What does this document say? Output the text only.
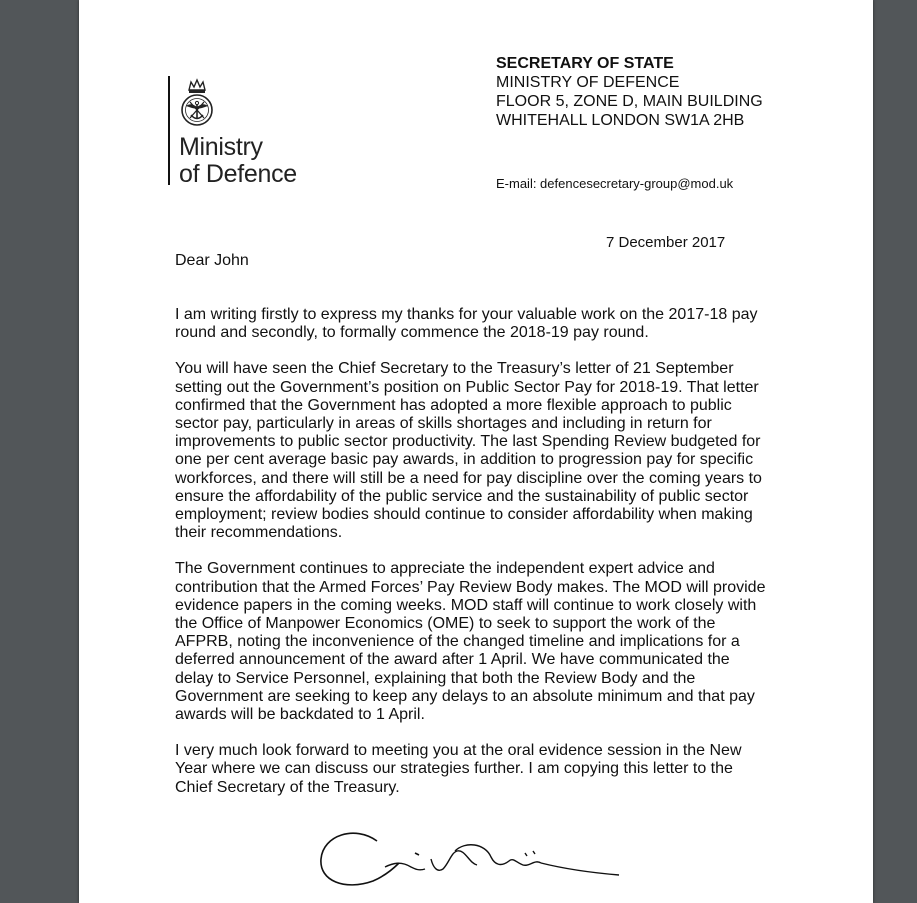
Ministry
of Defence
SECRETARY OF STATE
MINISTRY OF DEFENCE
FLOOR 5, ZONE D, MAIN BUILDING
WHITEHALL LONDON SW1A 2HB
E-mail: defencesecretary-group@mod.uk
7 December 2017
Dear John
I am writing firstly to express my thanks for your valuable work on the 2017-18 pay
round and secondly, to formally commence the 2018-19 pay round.
You will have seen the Chief Secretary to the Treasury’s letter of 21 September
setting out the Government’s position on Public Sector Pay for 2018-19. That letter
confirmed that the Government has adopted a more flexible approach to public
sector pay, particularly in areas of skills shortages and including in return for
improvements to public sector productivity. The last Spending Review budgeted for
one per cent average basic pay awards, in addition to progression pay for specific
workforces, and there will still be a need for pay discipline over the coming years to
ensure the affordability of the public service and the sustainability of public sector
employment; review bodies should continue to consider affordability when making
their recommendations.
The Government continues to appreciate the independent expert advice and
contribution that the Armed Forces’ Pay Review Body makes. The MOD will provide
evidence papers in the coming weeks. MOD staff will continue to work closely with
the Office of Manpower Economics (OME) to seek to support the work of the
AFPRB, noting the inconvenience of the changed timeline and implications for a
deferred announcement of the award after 1 April. We have communicated the
delay to Service Personnel, explaining that both the Review Body and the
Government are seeking to keep any delays to an absolute minimum and that pay
awards will be backdated to 1 April.
I very much look forward to meeting you at the oral evidence session in the New
Year where we can discuss our strategies further. I am copying this letter to the
Chief Secretary of the Treasury.
